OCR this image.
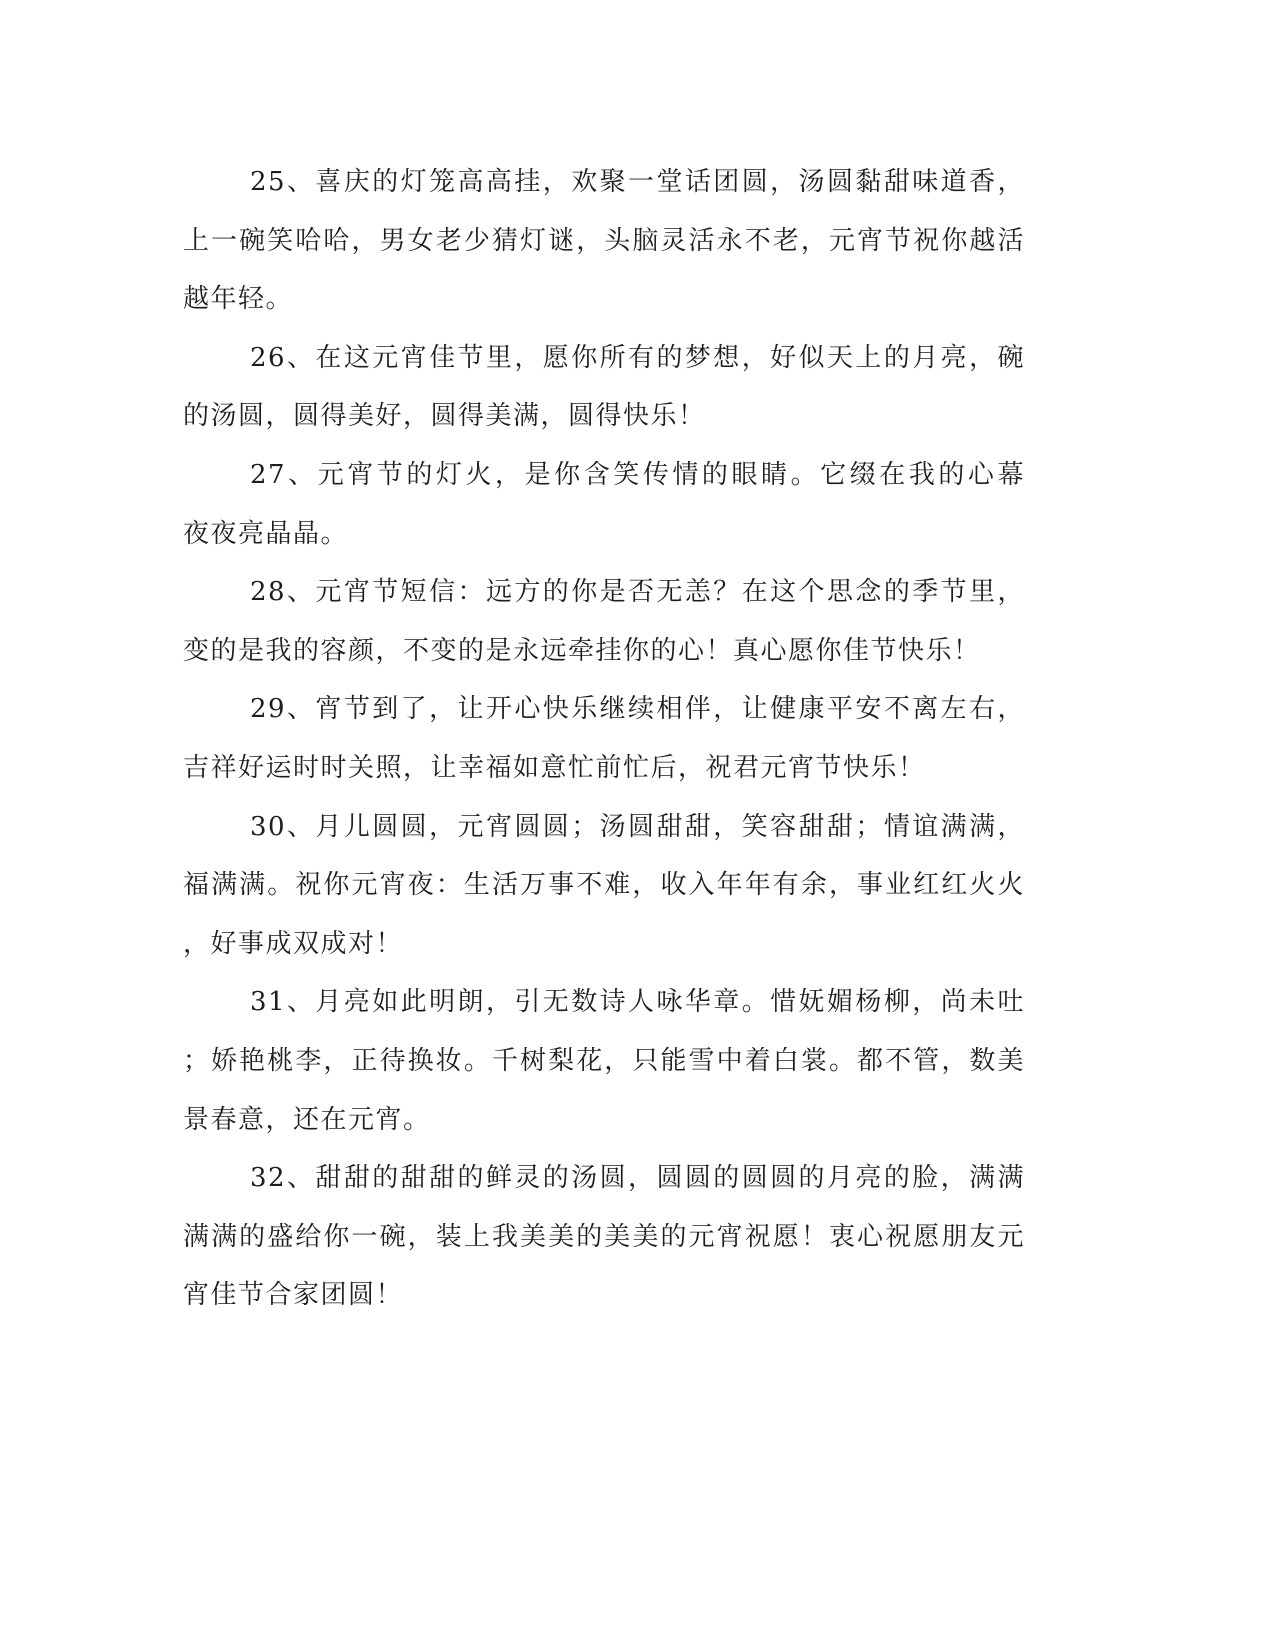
25、喜庆的灯笼高高挂，欢聚一堂话团圆，汤圆黏甜味道香，
上一碗笑哈哈，男女老少猜灯谜，头脑灵活永不老，元宵节祝你越活
越年轻。
26、在这元宵佳节里，愿你所有的梦想，好似天上的月亮，碗
的汤圆，圆得美好，圆得美满，圆得快乐！
27、元宵节的灯火，是你含笑传情的眼睛。它缀在我的心幕
夜夜亮晶晶。
28、元宵节短信：远方的你是否无恙？在这个思念的季节里，
变的是我的容颜，不变的是永远牵挂你的心！真心愿你佳节快乐！
29、宵节到了，让开心快乐继续相伴，让健康平安不离左右，
吉祥好运时时关照，让幸福如意忙前忙后，祝君元宵节快乐！
30、月儿圆圆，元宵圆圆；汤圆甜甜，笑容甜甜；情谊满满，
福满满。祝你元宵夜：生活万事不难，收入年年有余，事业红红火火
，好事成双成对！
31、月亮如此明朗，引无数诗人咏华章。惜妩媚杨柳，尚未吐
；娇艳桃李，正待换妆。千树梨花，只能雪中着白裳。都不管，数美
景春意，还在元宵。
32、甜甜的甜甜的鲜灵的汤圆，圆圆的圆圆的月亮的脸，满满
满满的盛给你一碗，装上我美美的美美的元宵祝愿！衷心祝愿朋友元
宵佳节合家团圆！
